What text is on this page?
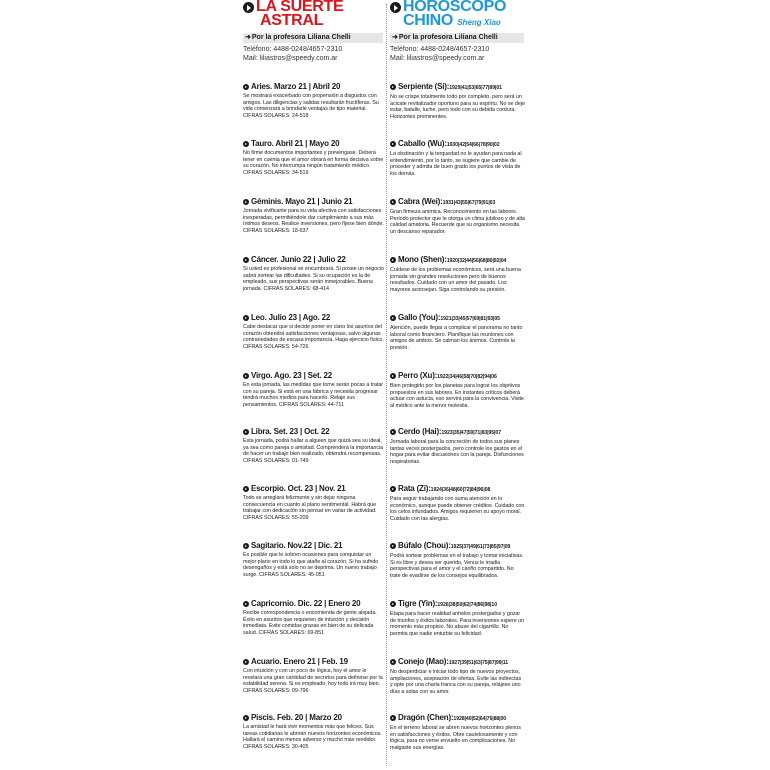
LA SUERTE
ASTRAL
➜Por la profesora Liliana Chelli
Teléfono: 4488-0248/4657-2310
Mail: liliastros@speedy.com.ar
Aries. Marzo 21 | Abril 20
Se mostrará exacerbado con propensión a disgustos con amigos. Las diligencias y salidas resultarán fructíferas. Su vida comenzará a brindarle ventajas de tipo material. CIFRAS SOLARES: 24-518
Tauro. Abril 21 | Mayo 20
No firme documentos importantes y prevéngase. Deberá tener en cuenta que el amor obrará en forma decisiva sobre su corazón. No interrumpa ningún tratamiento médico. CIFRAS SOLARES: 34-519
Géminis. Mayo 21 | Junio 21
Jornada vivificante para su vida afectiva con satisfacciones inesperadas, permitiéndole dar cumplimiento a sus más íntimos deseos. Realice inversiones, pero fíjese bien dónde. CIFRAS SOLARES: 18-637
Cáncer. Junio 22 | Julio 22
Si usted es profesional se encumbrará. Si posee un negocio sabrá sortear las dificultades. Si su ocupación es la de empleado, sus perspectivas serán inmejorables. Buena jornada. CIFRAS SOLARES: 68-414
Leo. Julio 23 | Ago. 22
Cabe destacar que si decide poner en claro los asuntos del corazón obtendrá satisfacciones ventajosas, salvo algunas contrariedades de escasa importancia. Haga ejercicio físico. CIFRAS SOLARES: 54-726
Virgo. Ago. 23 | Set. 22
En esta jornada, las medidas que tome serán pocas a tratar con su pareja. Si está en una fábrica y necesita progresar tendrá muchos medios para hacerlo. Relaje sus pensamientos. CIFRAS SOLARES: 44-711
Libra. Set. 23 | Oct. 22
Esta jornada, podrá hallar a alguien que quizá sea su ideal, ya sea como pareja o amistad. Comprenderá la importancia de hacer un trabajo bien realizado, obtendrá recompensas. CIFRAS SOLARES: 01-749
Escorpio. Oct. 23 | Nov. 21
Todo se arreglará felizmente y sin dejar ninguna consecuencia en cuanto al plano sentimental. Habrá que trabajar con dedicación sin pensar en variar de actividad. CIFRAS SOLARES: 55-209
Sagitario. Nov.22 | Dic. 21
Es posible que le sobren ocasiones para conquistar un mejor plano en todo lo que atañe al corazón. Si ha sufrido desengaños y está solo no se deprima. Un nuevo trabajo surge. CIFRAS SOLARES: 45-051
Capricornio. Dic. 22 | Enero 20
Recibe correspondencia o encomienda de gente alejada. Éxito en asuntos que requieren de intuición y decisión inmediata. Evite comidas grasas en bien de su delicada salud. CIFRAS SOLARES: 69-851
Acuario. Enero 21 | Feb. 19
Con intuición y con un poco de lógica, hoy el amor le revelará una gran cantidad de secretos para definirse por la estabilidad serena. Si es empleado, hoy todo irá muy bien. CIFRAS SOLARES: 09-796
Piscis. Feb. 20 | Marzo 20
La amistad le hará vivir momentos más que felices. Sus tareas cotidianas le abrirán nuevos horizontes económicos. Hallará el camino menos adverso y mucho más rendidor. CIFRAS SOLARES: 30-405
HOROSCOPO
CHINO Sheng Xiao
➜Por la profesora Liliana Chelli
Teléfono: 4488-0248/4657-2310
Mail: liliastros@speedy.com.ar
Serpiente (Si):1929|41|53|65|77|89|01
No se crispe totalmente todo por completo, pero será un acicate revitalizador oportuno para su espíritu. No se deje estar, batalle, luche, pero todo con su debida cordura. Horizontes prominentes.
Caballo (Wu):1930|42|54|66|78|90|02
La obstinación y la terquedad no le ayudan para nada al entendimiento, por lo tanto, se sugiere que cambie de proceder y admita de buen grado los puntos de vista de los demás.
Cabra (Wei):1931|43|55|67|79|91|03
Gran firmeza anímica. Reconocimiento en las labores. Período protector que le otorga un clima jubiloso y de alta calidad amatoria. Recuerde que su organismo necesita un descanso reparador.
Mono (Shen):1920|32|44|56|68|80|92|04
Cuídese de los problemas económicos, será una buena jornada sin grandes resoluciones pero de buenos resultados. Cuidado con un amor del pasado. Los mayores aconsejan. Siga controlando su presión.
Gallo (You):1921|33|45|57|69|81|93|05
Atención, puede llegar a complicar el panorama no tanto laboral como financiero. Planifique las reuniones con amigos de ambos. Se calman los ánimos. Controle la presión.
Perro (Xu):1922|34|46|58|70|82|94|06
Bien protegido por los planetas para lograr los objetivos propuestos en sus labores. En instantes críticos deberá actuar con astucia, eso servirá para la convivencia. Visite al médico ante la menor molestia.
Cerdo (Hai):1923|35|47|59|71|83|95|07
Jornada laboral para la concreción de todos sus planes tantas veces postergados, pero controle los gastos en el hogar para evitar discusiones con la pareja. Disfunciones respiratorias.
Rata (Zi):1924|36|48|60|72|84|96|08
Para seguir trabajando con suma atención en lo económico, aunque puede obtener créditos. Cuidado con los celos infundados. Amigos requieren su apoyo moral. Cuidado con las alergias.
Búfalo (Chou):1925|37|49|61|73|85|97|09
Podrá sortear problemas en el trabajo y tomar iniciativas. Si es libre y desea ser querido, Venus le irradia perspectivas para el amor y el cariño compartido. No trate de evadirse de los consejos equilibrados.
Tigre (Yin):1926|38|50|62|74|86|98|10
Etapa para hacer realidad anhelos postergados y gozar de triunfos y éxitos laborales. Para inversiones espere un momento más propicio. No abuse del cigarrillo. No permita que nadie enturbie su felicidad.
Conejo (Mao):1927|39|51|63|75|87|99|11
No desperdiciar e iniciar todo tipo de nuevos proyectos, ampliaciones, aceptación de ofertas. Evite las indirectas y opte por una charla franca con su pareja, relájese uno días a solas con su amor.
Dragón (Chen):1928|40|52|64|76|88|00
En el terreno laboral se abren nuevos horizontes plenos en satisfacciones y éxitos. Obre cautelosamente y con lógica, para no verse envuelto en complicaciones. No malgaste sus energías.
